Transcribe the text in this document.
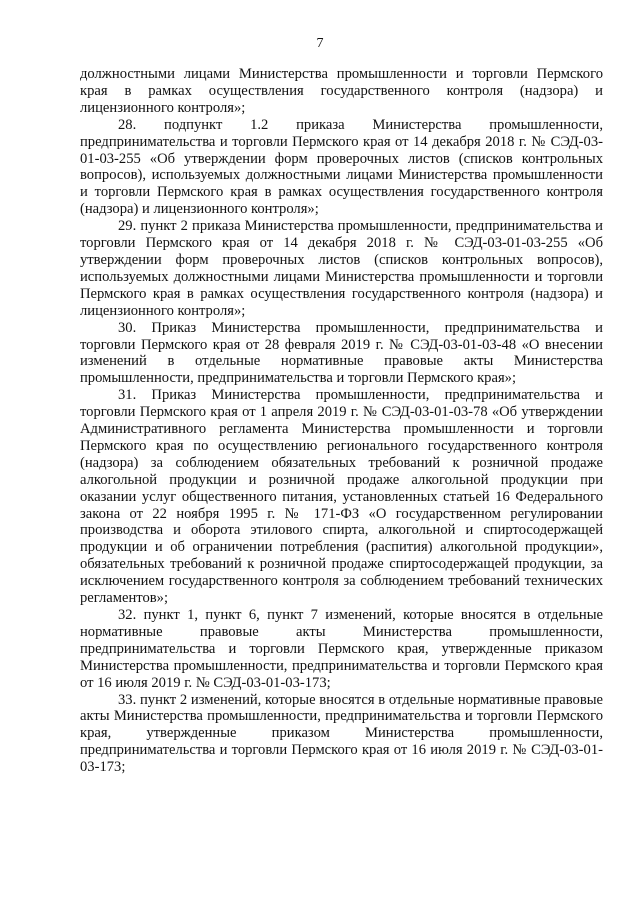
7

должностными лицами Министерства промышленности и торговли Пермского края в рамках осуществления государственного контроля (надзора) и лицензионного контроля»;

28. подпункт 1.2 приказа Министерства промышленности, предпринимательства и торговли Пермского края от 14 декабря 2018 г. № СЭД-03-01-03-255 «Об утверждении форм проверочных листов (списков контрольных вопросов), используемых должностными лицами Министерства промышленности и торговли Пермского края в рамках осуществления государственного контроля (надзора) и лицензионного контроля»;

29. пункт 2 приказа Министерства промышленности, предпринимательства и торговли Пермского края от 14 декабря 2018 г. № СЭД-03-01-03-255 «Об утверждении форм проверочных листов (списков контрольных вопросов), используемых должностными лицами Министерства промышленности и торговли Пермского края в рамках осуществления государственного контроля (надзора) и лицензионного контроля»;

30. Приказ Министерства промышленности, предпринимательства и торговли Пермского края от 28 февраля 2019 г. № СЭД-03-01-03-48 «О внесении изменений в отдельные нормативные правовые акты Министерства промышленности, предпринимательства и торговли Пермского края»;

31. Приказ Министерства промышленности, предпринимательства и торговли Пермского края от 1 апреля 2019 г. № СЭД-03-01-03-78 «Об утверждении Административного регламента Министерства промышленности и торговли Пермского края по осуществлению регионального государственного контроля (надзора) за соблюдением обязательных требований к розничной продаже алкогольной продукции и розничной продаже алкогольной продукции при оказании услуг общественного питания, установленных статьей 16 Федерального закона от 22 ноября 1995 г. № 171-ФЗ «О государственном регулировании производства и оборота этилового спирта, алкогольной и спиртосодержащей продукции и об ограничении потребления (распития) алкогольной продукции», обязательных требований к розничной продаже спиртосодержащей продукции, за исключением государственного контроля за соблюдением требований технических регламентов»;

32. пункт 1, пункт 6, пункт 7 изменений, которые вносятся в отдельные нормативные правовые акты Министерства промышленности, предпринимательства и торговли Пермского края, утвержденные приказом Министерства промышленности, предпринимательства и торговли Пермского края от 16 июля 2019 г. № СЭД-03-01-03-173;

33. пункт 2 изменений, которые вносятся в отдельные нормативные правовые акты Министерства промышленности, предпринимательства и торговли Пермского края, утвержденные приказом Министерства промышленности, предпринимательства и торговли Пермского края от 16 июля 2019 г. № СЭД-03-01-03-173;
